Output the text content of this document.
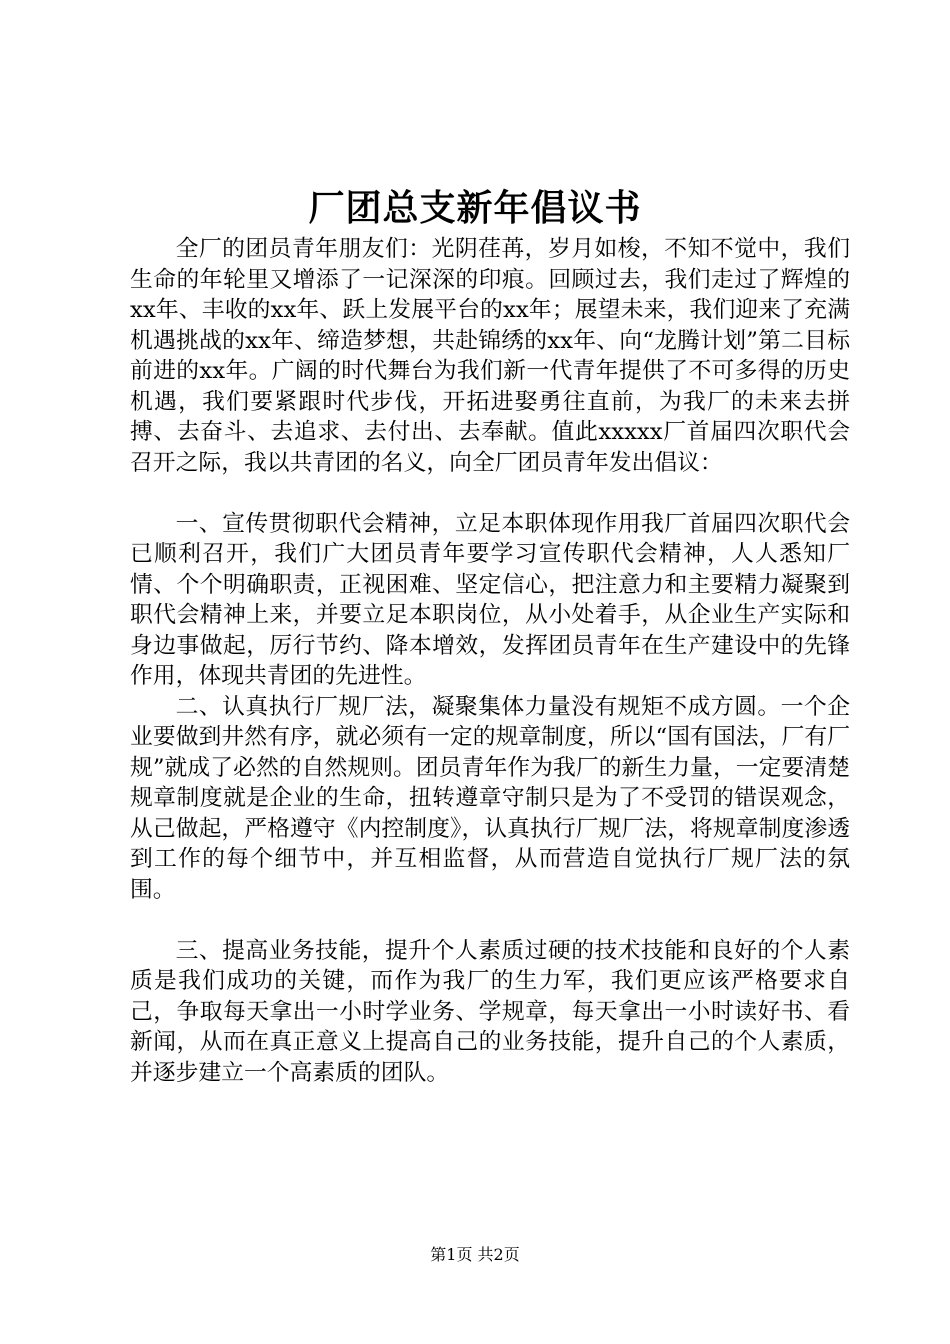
厂团总支新年倡议书

全厂的团员青年朋友们：光阴荏苒，岁月如梭，不知不觉中，我们生命的年轮里又增添了一记深深的印痕。回顾过去，我们走过了辉煌的xx年、丰收的xx年、跃上发展平台的xx年；展望未来，我们迎来了充满机遇挑战的xx年、缔造梦想，共赴锦绣的xx年、向“龙腾计划”第二目标前进的xx年。广阔的时代舞台为我们新一代青年提供了不可多得的历史机遇，我们要紧跟时代步伐，开拓进娶勇往直前，为我厂的未来去拼搏、去奋斗、去追求、去付出、去奉献。值此xxxxx厂首届四次职代会召开之际，我以共青团的名义，向全厂团员青年发出倡议：

一、宣传贯彻职代会精神，立足本职体现作用我厂首届四次职代会已顺利召开，我们广大团员青年要学习宣传职代会精神，人人悉知厂情、个个明确职责，正视困难、坚定信心，把注意力和主要精力凝聚到职代会精神上来，并要立足本职岗位，从小处着手，从企业生产实际和身边事做起，厉行节约、降本增效，发挥团员青年在生产建设中的先锋作用，体现共青团的先进性。

二、认真执行厂规厂法，凝聚集体力量没有规矩不成方圆。一个企业要做到井然有序，就必须有一定的规章制度，所以“国有国法，厂有厂规”就成了必然的自然规则。团员青年作为我厂的新生力量，一定要清楚规章制度就是企业的生命，扭转遵章守制只是为了不受罚的错误观念，从己做起，严格遵守《内控制度》，认真执行厂规厂法，将规章制度渗透到工作的每个细节中，并互相监督，从而营造自觉执行厂规厂法的氛围。

三、提高业务技能，提升个人素质过硬的技术技能和良好的个人素质是我们成功的关键，而作为我厂的生力军，我们更应该严格要求自己，争取每天拿出一小时学业务、学规章，每天拿出一小时读好书、看新闻，从而在真正意义上提高自己的业务技能，提升自己的个人素质，并逐步建立一个高素质的团队。

第1页 共2页
